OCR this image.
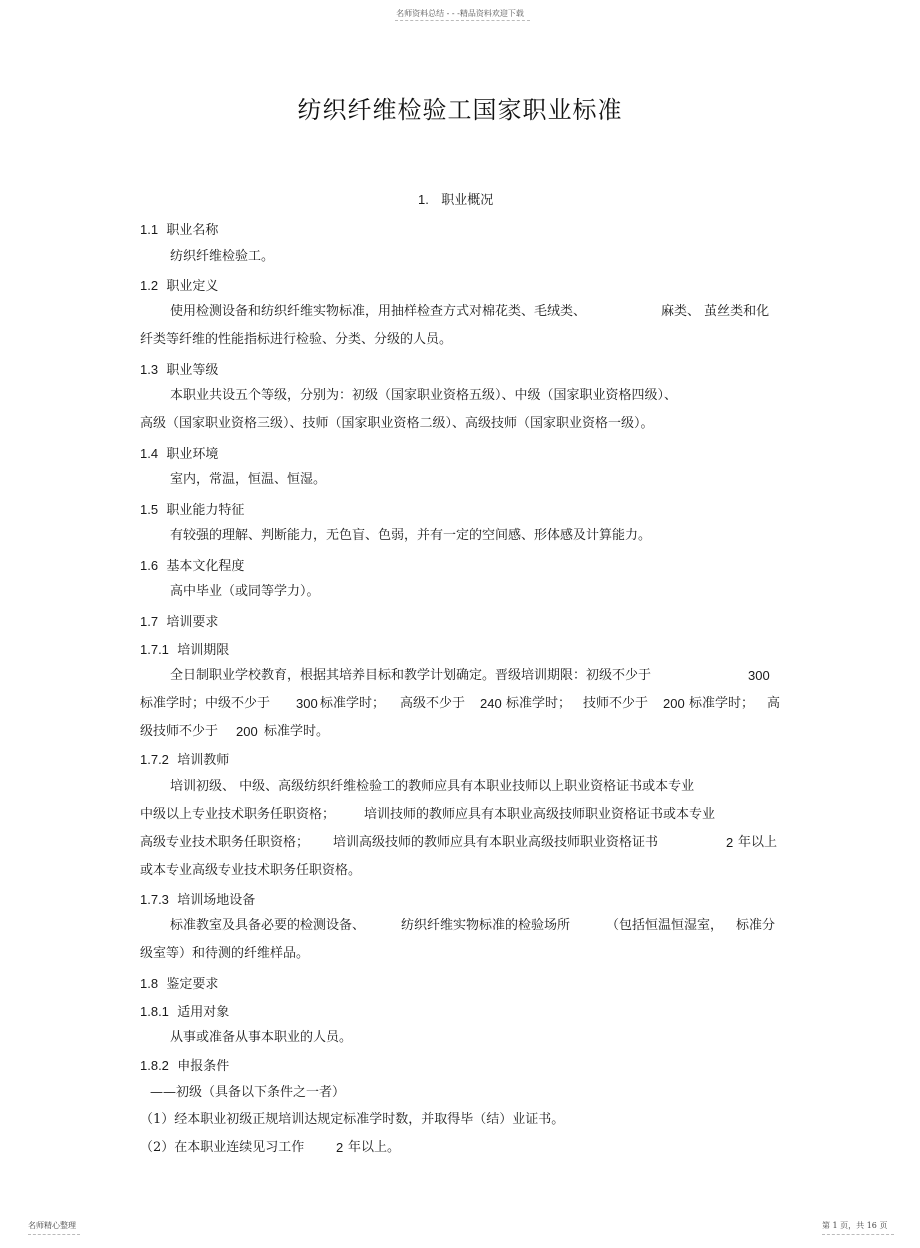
名师资料总结 - - -精品资料欢迎下载
纺织纤维检验工国家职业标准
1. 职业概况
1.1 职业名称
纺织纤维检验工。
1.2 职业定义
使用检测设备和纺织纤维实物标准，用抽样检查方式对棉花类、毛绒类、	麻类、 茧丝类和化
纤类等纤维的性能指标进行检验、分类、分级的人员。
1.3 职业等级
本职业共设五个等级，分别为：初级（国家职业资格五级）、中级（国家职业资格四级）、
高级（国家职业资格三级）、技师（国家职业资格二级）、高级技师（国家职业资格一级）。
1.4 职业环境
室内，常温，恒温、恒湿。
1.5 职业能力特征
有较强的理解、判断能力，无色盲、色弱，并有一定的空间感、形体感及计算能力。
1.6 基本文化程度
高中毕业（或同等学力）。
1.7 培训要求
1.7.1 培训期限
全日制职业学校教育，根据其培养目标和教学计划确定。晋级培训期限：初级不少于	300
标准学时；中级不少于 300 标准学时； 高级不少于 240 标准学时； 技师不少于 200 标准学时； 高
级技师不少于 200 标准学时。
1.7.2 培训教师
培训初级、 中级、高级纺织纤维检验工的教师应具有本职业技师以上职业资格证书或本专业
中级以上专业技术职务任职资格； 培训技师的教师应具有本职业高级技师职业资格证书或本专业
高级专业技术职务任职资格； 培训高级技师的教师应具有本职业高级技师职业资格证书	2 年以上
或本专业高级专业技术职务任职资格。
1.7.3 培训场地设备
标准教室及具备必要的检测设备、	纺织纤维实物标准的检验场所	（包括恒温恒湿室， 标准分
级室等）和待测的纤维样品。
1.8 鉴定要求
1.8.1 适用对象
从事或准备从事本职业的人员。
1.8.2 申报条件
——初级（具备以下条件之一者）
（1）经本职业初级正规培训达规定标准学时数，并取得毕（结）业证书。
（2）在本职业连续见习工作 2 年以上。
名师精心整理	第 1 页，共 16 页
